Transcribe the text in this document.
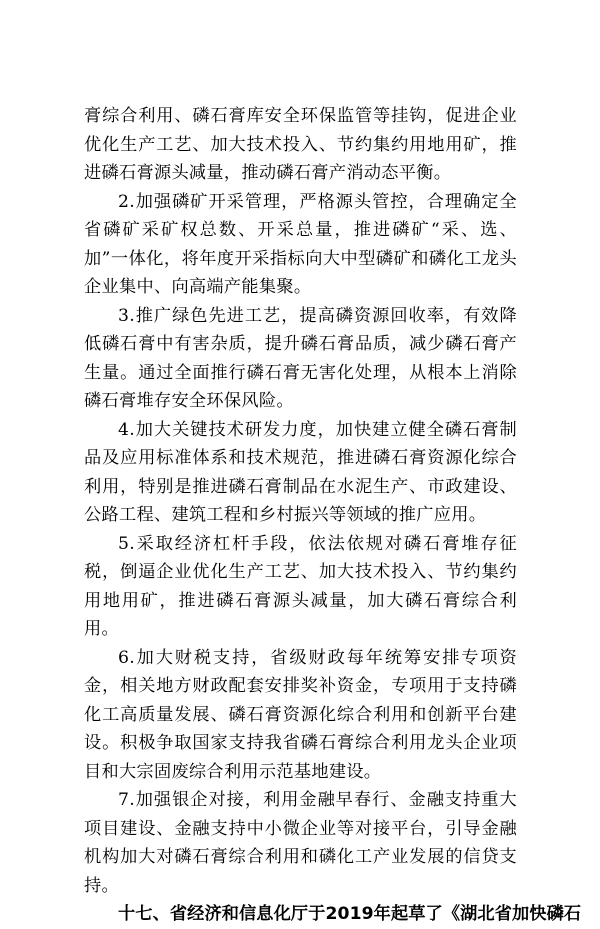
膏综合利用、磷石膏库安全环保监管等挂钩，促进企业优化生产工艺、加大技术投入、节约集约用地用矿，推进磷石膏源头减量，推动磷石膏产消动态平衡。

2.加强磷矿开采管理，严格源头管控，合理确定全省磷矿采矿权总数、开采总量，推进磷矿“采、选、加”一体化，将年度开采指标向大中型磷矿和磷化工龙头企业集中、向高端产能集聚。

3.推广绿色先进工艺，提高磷资源回收率，有效降低磷石膏中有害杂质，提升磷石膏品质，减少磷石膏产生量。通过全面推行磷石膏无害化处理，从根本上消除磷石膏堆存安全环保风险。

4.加大关键技术研发力度，加快建立健全磷石膏制品及应用标准体系和技术规范，推进磷石膏资源化综合利用，特别是推进磷石膏制品在水泥生产、市政建设、公路工程、建筑工程和乡村振兴等领域的推广应用。

5.采取经济杠杆手段，依法依规对磷石膏堆存征税，倒逼企业优化生产工艺、加大技术投入、节约集约用地用矿，推进磷石膏源头减量，加大磷石膏综合利用。

6.加大财税支持，省级财政每年统筹安排专项资金，相关地方财政配套安排奖补资金，专项用于支持磷化工高质量发展、磷石膏资源化综合利用和创新平台建设。积极争取国家支持我省磷石膏综合利用龙头企业项目和大宗固废综合利用示范基地建设。

7.加强银企对接，利用金融早春行、金融支持重大项目建设、金融支持中小微企业等对接平台，引导金融机构加大对磷石膏综合利用和磷化工产业发展的信贷支持。

十七、省经济和信息化厅于2019年起草了《湖北省加快磷石
